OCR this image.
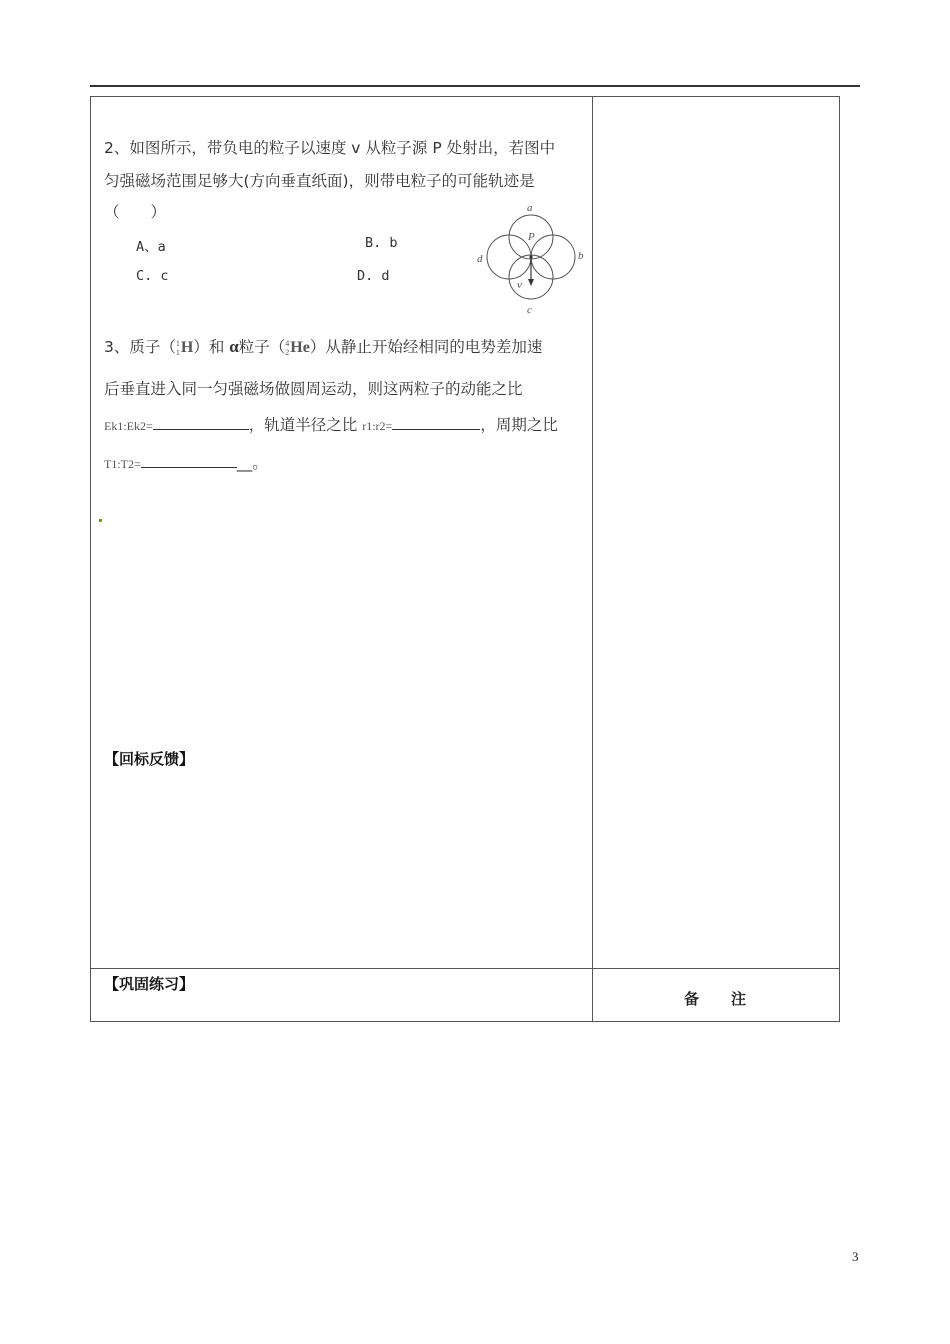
2、如图所示，带负电的粒子以速度 v 从粒子源 P 处射出，若图中
匀强磁场范围足够大(方向垂直纸面)，则带电粒子的可能轨迹是
（　　）
A、a	B. b
C. c	D. d
a
b
c
d
P
v
3、质子（1
1H）和 α粒子（4
2He）从静止开始经相同的电势差加速
后垂直进入同一匀强磁场做圆周运动，则这两粒子的动能之比
Ek1:Ek2=	，轨道半径之比 r1:r2=	，周期之比
T1:T2=	__。
【回标反馈】
【巩固练习】
备注
3
